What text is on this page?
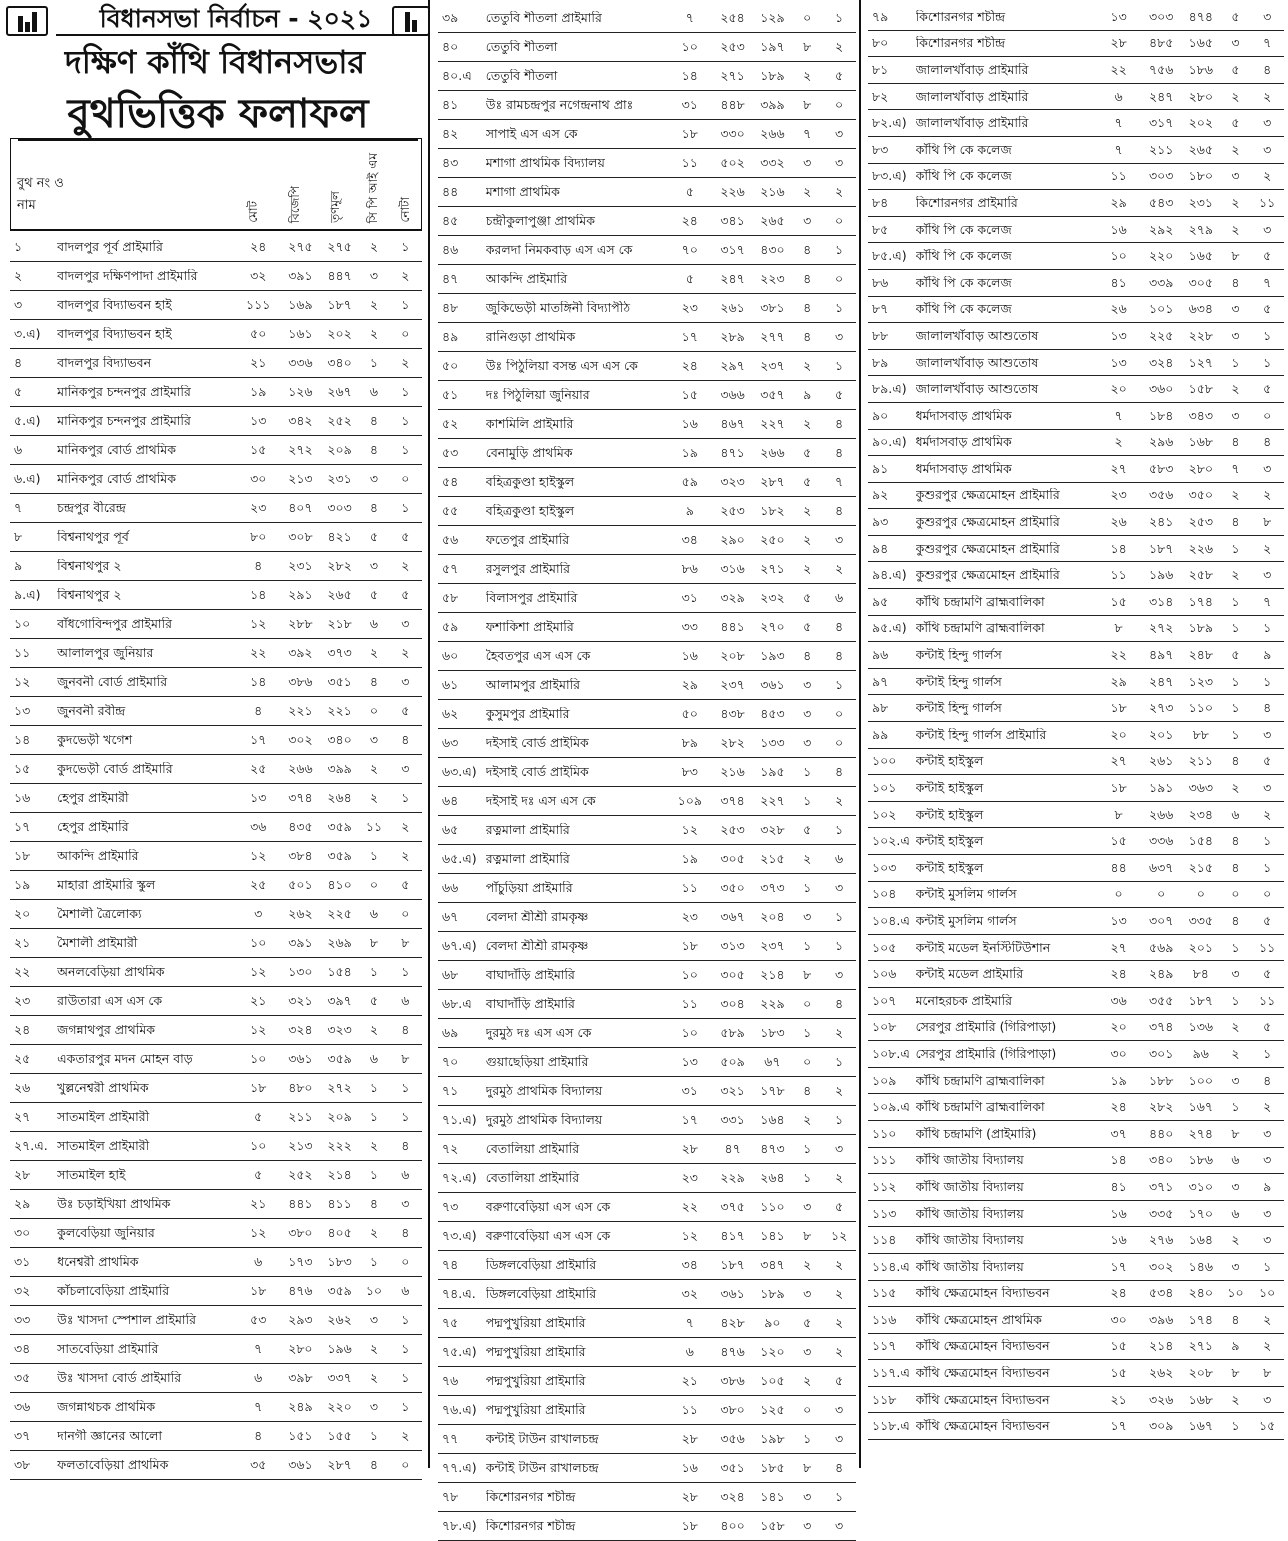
বিধানসভা নির্বাচন - ২০২১
দক্ষিণ কাঁথি বিধানসভার
বুথভিত্তিক ফলাফল
বুথ নং ও
নাম	মোট বিজেপি তৃণমূল সি পি আই এম নোটা
১	বাদলপুর পূর্ব প্রাইমারি	২৪	২৭৫	২৭৫	২	১
২	বাদলপুর দক্ষিণপাদা প্রাইমারি	৩২	৩৯১	৪৪৭	৩	২
৩	বাদলপুর বিদ্যাভবন হাই	১১১	১৬৯	১৮৭	২	১
৩.এ)	বাদলপুর বিদ্যাভবন হাই	৫০	১৬১	২০২	২	০
৪	বাদলপুর বিদ্যাভবন	২১	৩৩৬	৩৪০	১	২
৫	মানিকপুর চন্দনপুর প্রাইমারি	১৯	১২৬	২৬৭	৬	১
৫.এ)	মানিকপুর চন্দনপুর প্রাইমারি	১৩	৩৪২	২৫২	৪	১
৬	মানিকপুর বোর্ড প্রাথমিক	১৫	২৭২	২০৯	৪	১
৬.এ)	মানিকপুর বোর্ড প্রাথমিক	৩০	২১৩	২৩১	৩	০
৭	চন্দ্রপুর বীরেন্দ্র	২৩	৪০৭	৩০৩	৪	১
৮	বিশ্বনাথপুর পূর্ব	৮০	৩০৮	৪২১	৫	৫
৯	বিশ্বনাথপুর ২	৪	২৩১	২৮২	৩	২
৯.এ)	বিশ্বনাথপুর ২	১৪	২৯১	২৬৫	৫	৫
১০	বাঁধগোবিন্দপুর প্রাইমারি	১২	২৮৮	২১৮	৬	৩
১১	আলালপুর জুনিয়ার	২২	৩৯২	৩৭৩	২	২
১২	জুনবনী বোর্ড প্রাইমারি	১৪	৩৮৬	৩৫১	৪	৩
১৩	জুনবনী রবীন্দ্র	৪	২২১	২২১	০	৫
১৪	কুদভেড়ী খগেশ	১৭	৩০২	৩৪০	৩	৪
১৫	কুদভেড়ী বোর্ড প্রাইমারি	২৫	২৬৬	৩৯৯	২	৩
১৬	হেপুর প্রাইমারী	১৩	৩৭৪	২৬৪	২	১
১৭	হেপুর প্রাইমারি	৩৬	৪৩৫	৩৫৯	১১	২
১৮	আকন্দি প্রাইমারি	১২	৩৮৪	৩৫৯	১	২
১৯	মাহারা প্রাইমারি স্কুল	২৫	৫০১	৪১০	০	৫
২০	মৈশালী ত্রৈলোক্য	৩	২৬২	২২৫	৬	০
২১	মৈশালী প্রাইমারী	১০	৩৯১	২৬৯	৮	৮
২২	অনলবেড়িয়া প্রাথমিক	১২	১৩০	১৫৪	১	১
২৩	রাউতারা এস এস কে	২১	৩২১	৩৯৭	৫	৬
২৪	জগন্নাথপুর প্রাথমিক	১২	৩২৪	৩২৩	২	৪
২৫	একতারপুর মদন মোহন বাড়	১০	৩৬১	৩৫৯	৬	৮
২৬	খুল্লনেশ্বরী প্রাথমিক	১৮	৪৮০	২৭২	১	১
২৭	সাতমাইল প্রাইমারী	৫	২১১	২০৯	১	১
২৭.এ. সাতমাইল প্রাইমারী	১০	২১৩	২২২	২	৪
২৮	সাতমাইল হাই	৫	২৫২	২১৪	১	৬
২৯	উঃ চড়াইখিয়া প্রাথমিক	২১	৪৪১	৪১১	৪	৩
৩০	কুলবেড়িয়া জুনিয়ার	১২	৩৮০	৪০৫	২	৪
৩১	ধনেশ্বরী প্রাথমিক	৬	১৭৩	১৮৩	১	০
৩২	কাঁচলাবেড়িয়া প্রাইমারি	১৮	৪৭৬	৩৫৯	১০	৬
৩৩	উঃ খাসদা স্পেশাল প্রাইমারি	৫৩	২৯৩	২৬২	৩	১
৩৪	সাতবেড়িয়া প্রাইমারি	৭	২৮০	১৯৬	২	১
৩৫	উঃ খাসদা বোর্ড প্রাইমারি	৬	৩৯৮	৩৩৭	২	১
৩৬	জগন্নাথচক প্রাথমিক	৭	২৪৯	২২০	৩	১
৩৭	দানগী জ্ঞানের আলো	৪	১৫১	১৫৫	১	২
৩৮	ফলতাবেড়িয়া প্রাথমিক	৩৫	৩৬১	২৮৭	৪	০
৩৯	তেতুবি শীতলা প্রাইমারি	৭	২৫৪	১২৯	০	১
৪০	তেতুবি শীতলা	১০	২৫৩	১৯৭	৮	২
৪০.এ	তেতুবি শীতলা	১৪	২৭১	১৮৯	২	৫
৪১	উঃ রামচন্দ্রপুর নগেন্দ্রনাথ প্রাঃ	৩১	৪৪৮	৩৯৯	৮	০
৪২	সাপাই এস এস কে	১৮	৩৩০	২৬৬	৭	৩
৪৩	মশাগা প্রাথমিক বিদ্যালয়	১১	৫০২	৩৩২	৩	৩
৪৪	মশাগা প্রাথমিক	৫	২২৬	২১৬	২	২
৪৫	চন্দ্রীকুলাপুঞ্জা প্রাথমিক	২৪	৩৪১	২৬৫	৩	০
৪৬	করলদা নিমকবাড় এস এস কে	৭০	৩১৭	৪৩০	৪	১
৪৭	আকন্দি প্রাইমারি	৫	২৪৭	২২৩	৪	০
৪৮	জুকিভেড়ী মাতঙ্গিনী বিদ্যাপীঠ	২৩	২৬১	৩৮১	৪	১
৪৯	রানিগুড়া প্রাথমিক	১৭	২৮৯	২৭৭	৪	৩
৫০	উঃ পিঠুলিয়া বসন্ত এস এস কে	২৪	২৯৭	২৩৭	২	১
৫১	দঃ পিঠুলিয়া জুনিয়ার	১৫	৩৬৬	৩৫৭	৯	৫
৫২	কাশমিলি প্রাইমারি	১৬	৪৬৭	২২৭	২	৪
৫৩	বেনামুড়ি প্রাথমিক	১৯	৪৭১	২৬৬	৫	৪
৫৪	বহিত্রকুণ্ডা হাইস্কুল	৫৯	৩২৩	২৮৭	৫	৭
৫৫	বহিত্রকুণ্ডা হাইস্কুল	৯	২৫৩	১৮২	২	৪
৫৬	ফতেপুর প্রাইমারি	৩৪	২৯০	২৫০	২	৩
৫৭	রসুলপুর প্রাইমারি	৮৬	৩১৬	২৭১	২	২
৫৮	বিলাসপুর প্রাইমারি	৩১	৩২৯	২৩২	৫	৬
৫৯	ফশাকিশা প্রাইমারি	৩৩	৪৪১	২৭০	৫	৪
৬০	হৈবতপুর এস এস কে	১৬	২০৮	১৯৩	৪	৪
৬১	আলামপুর প্রাইমারি	২৯	২৩৭	৩৬১	৩	১
৬২	কুসুমপুর প্রাইমারি	৫০	৪৩৮	৪৫৩	৩	০
৬৩	দইসাই বোর্ড প্রাইমিক	৮৯	২৮২	১৩৩	৩	০
৬৩.এ) দইসাই বোর্ড প্রাইমিক	৮৩	২১৬	১৯৫	১	৪
৬৪	দইসাই দঃ এস এস কে	১০৯	৩৭৪	২২৭	১	২
৬৫	রত্নমালা প্রাইমারি	১২	২৫৩	৩২৮	৫	১
৬৫.এ) রত্নমালা প্রাইমারি	১৯	৩০৫	২১৫	২	৬
৬৬	পাঁচুড়িয়া প্রাইমারি	১১	৩৫০	৩৭৩	১	৩
৬৭	বেলদা শ্রীশ্রী রামকৃষ্ণ	২৩	৩৬৭	২০৪	৩	১
৬৭.এ) বেলদা শ্রীশ্রী রামকৃষ্ণ	১৮	৩১৩	২৩৭	১	১
৬৮	বাঘাদাঁড়ি প্রাইমারি	১০	৩০৫	২১৪	৮	৩
৬৮.এ	বাঘাদাঁড়ি প্রাইমারি	১১	৩০৪	২২৯	০	৪
৬৯	দুরমুঠ দঃ এস এস কে	১০	৫৮৯	১৮৩	১	২
৭০	গুয়াছেড়িয়া প্রাইমারি	১৩	৫০৯	৬৭	০	১
৭১	দুরমুঠ প্রাথমিক বিদ্যালয়	৩১	৩২১	১৭৮	৪	২
৭১.এ) দুরমুঠ প্রাথমিক বিদ্যালয়	১৭	৩৩১	১৬৪	২	১
৭২	বেতালিয়া প্রাইমারি	২৮	৪৭	৪৭৩	১	৩
৭২.এ) বেতালিয়া প্রাইমারি	২৩	২২৯	২৬৪	১	২
৭৩	বরুণাবেড়িয়া এস এস কে	২২	৩৭৫	১১০	৩	৫
৭৩.এ) বরুণাবেড়িয়া এস এস কে	১২	৪১৭	১৪১	৮	১২
৭৪	ডিঙ্গলবেড়িয়া প্রাইমারি	৩৪	১৮৭	৩৪৭	২	২
৭৪.এ. ডিঙ্গলবেড়িয়া প্রাইমারি	৩২	৩৬১	১৮৯	৩	২
৭৫	পদ্মপুখুরিয়া প্রাইমারি	৭	৪২৮	৯০	৫	২
৭৫.এ) পদ্মপুখুরিয়া প্রাইমারি	৬	৪৭৬	১২০	৩	২
৭৬	পদ্মপুখুরিয়া প্রাইমারি	২১	৩৮৬	১০৫	২	৫
৭৬.এ) পদ্মপুখুরিয়া প্রাইমারি	১১	৩৮০	১২৫	০	৩
৭৭	কন্টাই টাউন রাখালচন্দ্র	২৮	৩৫৬	১৯৮	১	৩
৭৭.এ) কন্টাই টাউন রাখালচন্দ্র	১৬	৩৫১	১৮৫	৮	৪
৭৮	কিশোরনগর শচীন্দ্র	২৮	৩২৪	১৪১	৩	১
৭৮.এ) কিশোরনগর শচীন্দ্র	১৮	৪০০	১৫৮	৩	৩
৭৯	কিশোরনগর শচীন্দ্র	১৩	৩০৩	৪৭৪	৫	৩
৮০	কিশোরনগর শচীন্দ্র	২৮	৪৮৫	১৬৫	৩	৭
৮১	জালালখাঁবাড় প্রাইমারি	২২	৭৫৬	১৮৬	৫	৪
৮২	জালালখাঁবাড় প্রাইমারি	৬	২৪৭	২৮০	২	২
৮২.এ) জালালখাঁবাড় প্রাইমারি	৭	৩১৭	২০২	৫	৩
৮৩	কাঁথি পি কে কলেজ	৭	২১১	২৬৫	২	৩
৮৩.এ) কাঁথি পি কে কলেজ	১১	৩০৩	১৮০	৩	২
৮৪	কিশোরনগর প্রাইমারি	২৯	৫৪৩	২৩১	২	১১
৮৫	কাঁথি পি কে কলেজ	১৬	২৯২	২৭৯	২	৩
৮৫.এ) কাঁথি পি কে কলেজ	১০	২২০	১৬৫	৮	৫
৮৬	কাঁথি পি কে কলেজ	৪১	৩৩৯	৩০৫	৪	৭
৮৭	কাঁথি পি কে কলেজ	২৬	১০১	৬৩৪	৩	৫
৮৮	জালালখাঁবাড় আশুতোষ	১৩	২২৫	২২৮	৩	১
৮৯	জালালখাঁবাড় আশুতোষ	১৩	৩২৪	১২৭	১	১
৮৯.এ) জালালখাঁবাড় আশুতোষ	২০	৩৬০	১৫৮	২	৫
৯০	ধর্মদাসবাড় প্রাথমিক	৭	১৮৪	৩৪৩	৩	০
৯০.এ) ধর্মদাসবাড় প্রাথমিক	২	২৯৬	১৬৮	৪	৪
৯১	ধর্মদাসবাড় প্রাথমিক	২৭	৫৮৩	২৮০	৭	৩
৯২	কুশুরপুর ক্ষেত্রমোহন প্রাইমারি	২৩	৩৫৬	৩৫০	২	২
৯৩	কুশুরপুর ক্ষেত্রমোহন প্রাইমারি	২৬	২৪১	২৫৩	৪	৮
৯৪	কুশুরপুর ক্ষেত্রমোহন প্রাইমারি	১৪	১৮৭	২২৬	১	২
৯৪.এ) কুশুরপুর ক্ষেত্রমোহন প্রাইমারি	১১	১৯৬	২৫৮	২	৩
৯৫	কাঁথি চন্দ্রামণি ব্রাহ্মবালিকা	১৫	৩১৪	১৭৪	১	৭
৯৫.এ) কাঁথি চন্দ্রামণি ব্রাহ্মবালিকা	৮	২৭২	১৮৯	১	১
৯৬	কন্টাই হিন্দু গার্লস	২২	৪৯৭	২৪৮	৫	৯
৯৭	কন্টাই হিন্দু গার্লস	২৯	২৪৭	১২৩	১	১
৯৮	কন্টাই হিন্দু গার্লস	১৮	২৭৩	১১০	১	৪
৯৯	কন্টাই হিন্দু গার্লস প্রাইমারি	২০	২০১	৮৮	১	৩
১০০	কন্টাই হাইস্কুল	২৭	২৬১	২১১	৪	৫
১০১	কন্টাই হাইস্কুল	১৮	১৯১	৩৬৩	২	৩
১০২	কন্টাই হাইস্কুল	৮	২৬৬	২৩৪	৬	২
১০২.এ কন্টাই হাইস্কুল	১৫	৩৩৬	১৫৪	৪	১
১০৩	কন্টাই হাইস্কুল	৪৪	৬৩৭	২১৫	৪	১
১০৪	কন্টাই মুসলিম গার্লস	০	০	০	০	০
১০৪.এ কন্টাই মুসলিম গার্লস	১৩	৩০৭	৩৩৫	৪	৫
১০৫	কন্টাই মডেল ইনস্টিটিউশান	২৭	৫৬৯	২০১	১	১১
১০৬	কন্টাই মডেল প্রাইমারি	২৪	২৪৯	৮৪	৩	৫
১০৭	মনোহরচক প্রাইমারি	৩৬	৩৫৫	১৮৭	১	১১
১০৮	সেরপুর প্রাইমারি (গিরিপাড়া)	২০	৩৭৪	১৩৬	২	৫
১০৮.এ সেরপুর প্রাইমারি (গিরিপাড়া)	৩০	৩০১	৯৬	২	১
১০৯	কাঁথি চন্দ্রামণি ব্রাহ্মবালিকা	১৯	১৮৮	১০০	৩	৪
১০৯.এ কাঁথি চন্দ্রামণি ব্রাহ্মবালিকা	২৪	২৮২	১৬৭	১	২
১১০	কাঁথি চন্দ্রামণি (প্রাইমারি)	৩৭	৪৪০	২৭৪	৮	৩
১১১	কাঁথি জাতীয় বিদ্যালয়	১৪	৩৪০	১৮৬	৬	৩
১১২	কাঁথি জাতীয় বিদ্যালয়	৪১	৩৭১	৩১০	৩	৯
১১৩	কাঁথি জাতীয় বিদ্যালয়	১৬	৩৩৫	১৭০	৬	৩
১১৪	কাঁথি জাতীয় বিদ্যালয়	১৬	২৭৬	১৬৪	২	৩
১১৪.এ কাঁথি জাতীয় বিদ্যালয়	১৭	৩০২	১৪৬	৩	১
১১৫	কাঁথি ক্ষেত্রমোহন বিদ্যাভবন	২৪	৫৩৪	২৪০	১০	১০
১১৬	কাঁথি ক্ষেত্রমোহন প্রাথমিক	৩০	৩৯৬	১৭৪	৪	২
১১৭	কাঁথি ক্ষেত্রমোহন বিদ্যাভবন	১৫	২১৪	২৭১	৯	২
১১৭.এ কাঁথি ক্ষেত্রমোহন বিদ্যাভবন	১৫	২৬২	২০৮	৮	৮
১১৮	কাঁথি ক্ষেত্রমোহন বিদ্যাভবন	২১	৩২৬	১৬৮	২	৩
১১৮.এ কাঁথি ক্ষেত্রমোহন বিদ্যাভবন	১৭	৩০৯	১৬৭	১	১৫
